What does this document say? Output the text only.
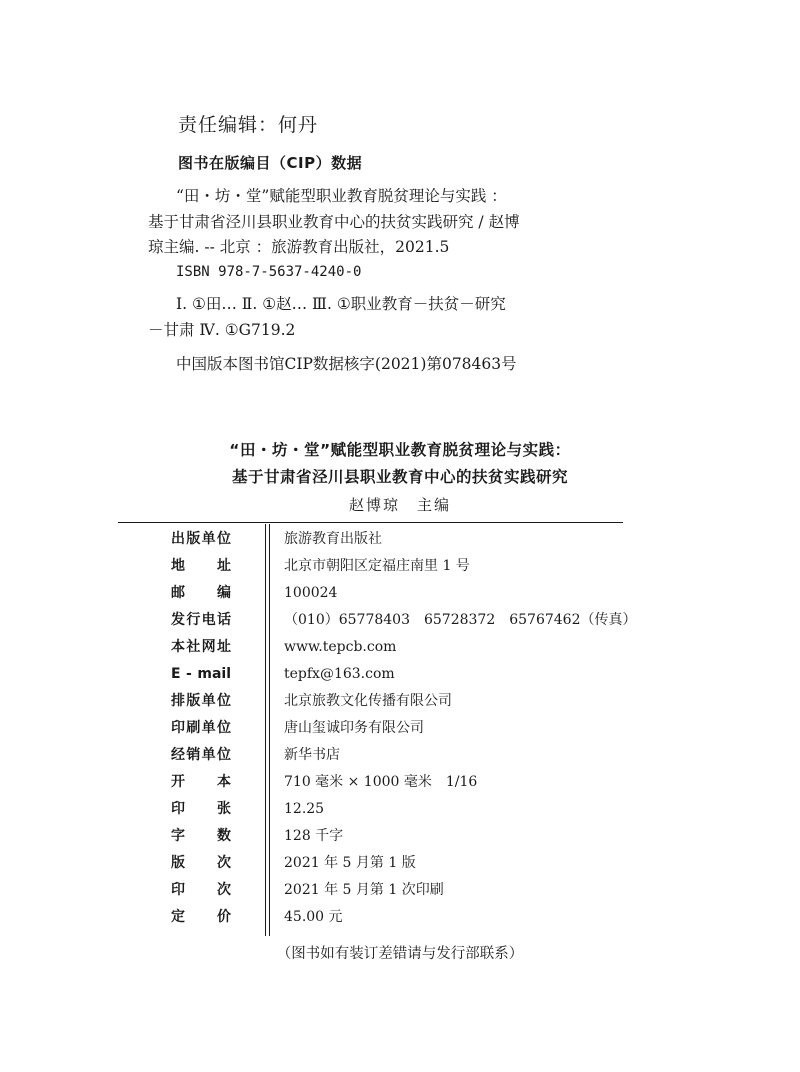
责任编辑：何丹
图书在版编目（CIP）数据
“田・坊・堂”赋能型职业教育脱贫理论与实践 ：
基于甘肃省泾川县职业教育中心的扶贫实践研究 / 赵博
琼主编. -- 北京 ：旅游教育出版社，2021.5
ISBN 978-7-5637-4240-0
Ⅰ. ①田… Ⅱ. ①赵… Ⅲ. ①职业教育－扶贫－研究
－甘肃 Ⅳ. ①G719.2
中国版本图书馆CIP数据核字(2021)第078463号
“田・坊・堂”赋能型职业教育脱贫理论与实践：
基于甘肃省泾川县职业教育中心的扶贫实践研究
赵博琼　主编
出版单位	旅游教育出版社
地址	北京市朝阳区定福庄南里 1 号
邮编	100024
发行电话	（010）65778403　65728372　65767462（传真）
本社网址	www.tepcb.com
E - mail	tepfx@163.com
排版单位	北京旅教文化传播有限公司
印刷单位	唐山玺诚印务有限公司
经销单位	新华书店
开本	710 毫米 × 1000 毫米　1/16
印张	12.25
字数	128 千字
版次	2021 年 5 月第 1 版
印次	2021 年 5 月第 1 次印刷
定价	45.00 元
（图书如有装订差错请与发行部联系）
